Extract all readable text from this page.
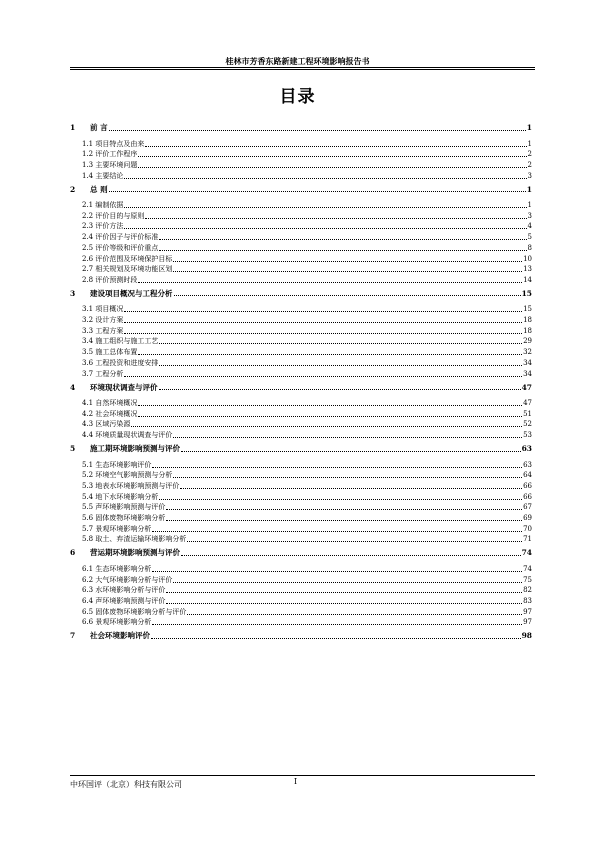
桂林市芳香东路新建工程环境影响报告书
目录
1 前 言	1
1.1 项目特点及由来	1
1.2 评价工作程序	2
1.3 主要环境问题	2
1.4 主要结论	3
2 总 则	1
2.1 编制依据	1
2.2 评价目的与原则	3
2.3 评价方法	4
2.4 评价因子与评价标准	5
2.5 评价等级和评价重点	8
2.6 评价范围及环境保护目标	10
2.7 相关规划及环境功能区划	13
2.8 评价预测时段	14
3 建设项目概况与工程分析	15
3.1 项目概况	15
3.2 设计方案	18
3.3 工程方案	18
3.4 施工组织与施工工艺	29
3.5 施工总体布置	32
3.6 工程投资和进度安排	34
3.7 工程分析	34
4 环境现状调查与评价	47
4.1 自然环境概况	47
4.2 社会环境概况	51
4.3 区域污染源	52
4.4 环境质量现状调查与评价	53
5 施工期环境影响预测与评价	63
5.1 生态环境影响评价	63
5.2 环境空气影响预测与分析	64
5.3 地表水环境影响预测与评价	66
5.4 地下水环境影响分析	66
5.5 声环境影响预测与评价	67
5.6 固体废物环境影响分析	69
5.7 景观环境影响分析	70
5.8 取土、弃渣运输环境影响分析	71
6 营运期环境影响预测与评价	74
6.1 生态环境影响分析	74
6.2 大气环境影响分析与评价	75
6.3 水环境影响分析与评价	82
6.4 声环境影响预测与评价	83
6.5 固体废物环境影响分析与评价	97
6.6 景观环境影响分析	97
7 社会环境影响评价	98
中环国评（北京）科技有限公司	I
